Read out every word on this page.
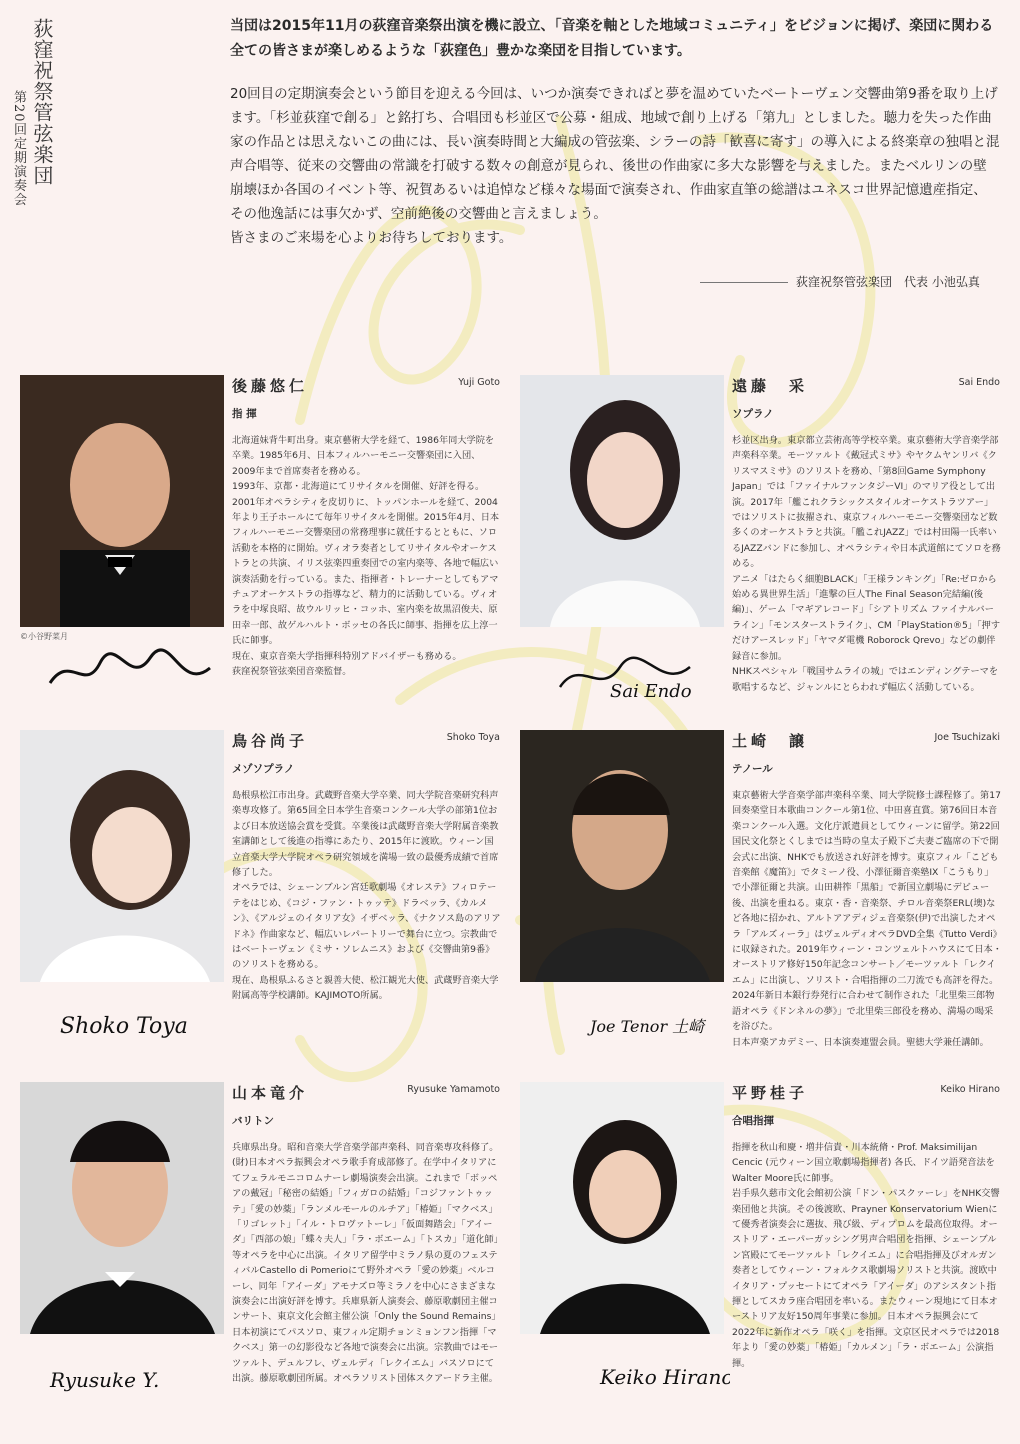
荻窪祝祭管弦楽団
第20回定期演奏会

当団は2015年11月の荻窪音楽祭出演を機に設立、「音楽を軸とした地域コミュニティ」をビジョンに掲げ、楽団に関わる全ての皆さまが楽しめるような「荻窪色」豊かな楽団を目指しています。

20回目の定期演奏会という節目を迎える今回は、いつか演奏できればと夢を温めていたベートーヴェン交響曲第9番を取り上げます。「杉並荻窪で創る」と銘打ち、合唱団も杉並区で公募・組成、地域で創り上げる「第九」としました。聴力を失った作曲家の作品とは思えないこの曲には、長い演奏時間と大編成の管弦楽、シラーの詩「歓喜に寄す」の導入による終楽章の独唱と混声合唱等、従来の交響曲の常識を打破する数々の創意が見られ、後世の作曲家に多大な影響を与えました。またベルリンの壁崩壊ほか各国のイベント等、祝賀あるいは追悼など様々な場面で演奏され、作曲家直筆の総譜はユネスコ世界記憶遺産指定、その他逸話には事欠かず、空前絶後の交響曲と言えましょう。

皆さまのご来場を心よりお待ちしております。

荻窪祝祭管弦楽団　代表 小池弘真
©小谷野菜月
後藤悠仁	Yuji Goto
指 揮

北海道妹背牛町出身。東京藝術大学を経て、1986年同大学院を卒業。1985年6月、日本フィルハーモニー交響楽団に入団、2009年まで首席奏者を務める。

1993年、京都・北海道にてリサイタルを開催、好評を得る。2001年オペラシティを皮切りに、トッパンホールを経て、2004年より王子ホールにて毎年リサイタルを開催。2015年4月、日本フィルハーモニー交響楽団の常務理事に就任するとともに、ソロ活動を本格的に開始。ヴィオラ奏者としてリサイタルやオーケストラとの共演、イリス弦楽四重奏団での室内楽等、各地で幅広い演奏活動を行っている。また、指揮者・トレーナーとしてもアマチュアオーケストラの指導など、精力的に活動している。ヴィオラを中塚良昭、故ウルリッヒ・コッホ、室内楽を故黒沼俊夫、原田幸一郎、故ゲルハルト・ボッセの各氏に師事、指揮を広上淳一氏に師事。

現在、東京音楽大学指揮科特別アドバイザーも務める。

荻窪祝祭管弦楽団音楽監督。

Sai Endo
遠藤　采	Sai Endo
ソプラノ

杉並区出身。東京都立芸術高等学校卒業。東京藝術大学音楽学部声楽科卒業。モーツァルト《戴冠式ミサ》やヤクムヤンリバ《クリスマスミサ》のソリストを務め、「第8回Game Symphony Japan」では「ファイナルファンタジーVI」のマリア役として出演。2017年「艦これクラシックスタイルオーケストラツアー」ではソリストに抜擢され、東京フィルハーモニー交響楽団など数多くのオーケストラと共演。「艦これJAZZ」では村田陽一氏率いるJAZZバンドに参加し、オペラシティや日本武道館にてソロを務める。

アニメ「はたらく細胞BLACK」「王様ランキング」「Re:ゼロから始める異世界生活」「進撃の巨人The Final Season完結編(後編)」、ゲーム「マギアレコード」「シアトリズム ファイナルバーライン」「モンスターストライク」、CM「PlayStation®5」「押すだけアースレッド」「ヤマダ電機 Roborock Qrevo」などの劇伴録音に参加。

NHKスペシャル「戦国サムライの城」ではエンディングテーマを歌唱するなど、ジャンルにとらわれず幅広く活動している。

Shoko Toya
鳥谷尚子	Shoko Toya
メゾソプラノ

島根県松江市出身。武蔵野音楽大学卒業、同大学院音楽研究科声楽専攻修了。第65回全日本学生音楽コンクール大学の部第1位および日本放送協会賞を受賞。卒業後は武蔵野音楽大学附属音楽教室講師として後進の指導にあたり、2015年に渡欧。ウィーン国立音楽大学大学院オペラ研究領域を満場一致の最優秀成績で首席修了した。

オペラでは、シェーンブルン宮廷歌劇場《オレステ》フィロテーテをはじめ、《コジ・ファン・トゥッテ》ドラベッラ、《カルメン》、《アルジェのイタリア女》イザベッラ、《ナクソス島のアリアドネ》作曲家など、幅広いレパートリーで舞台に立つ。宗教曲ではベートーヴェン《ミサ・ソレムニス》および《交響曲第9番》のソリストを務める。

現在、島根県ふるさと親善大使、松江観光大使、武蔵野音楽大学附属高等学校講師。KAJIMOTO所属。

Joe Tenor 土崎
土崎　譲	Joe Tsuchizaki
テノール

東京藝術大学音楽学部声楽科卒業、同大学院修士課程修了。第17回奏楽堂日本歌曲コンクール第1位、中田喜直賞。第76回日本音楽コンクール入選。文化庁派遣員としてウィーンに留学。第22回国民文化祭とくしまでは当時の皇太子殿下ご夫妻ご臨席の下で開会式に出演、NHKでも放送され好評を博す。東京フィル「こども音楽館《魔笛》」でタミーノ役、小澤征爾音楽塾IX「こうもり」で小澤征爾と共演。山田耕筰「黒船」で新国立劇場にデビュー後、出演を重ねる。東京・香・音楽祭、チロル音楽祭ERL(墺)など各地に招かれ、アルトアアディジェ音楽祭(伊)で出演したオペラ「アルズィーラ」はヴェルディオペラDVD全集《Tutto Verdi》に収録された。2019年ウィーン・コンツェルトハウスにて日本・オーストリア修好150年記念コンサート／モーツァルト「レクイエム」に出演し、ソリスト・合唱指揮の二刀流でも高評を得た。2024年新日本銀行券発行に合わせて制作された「北里柴三郎物語オペラ《ドンネルの夢》」で北里柴三郎役を務め、満場の喝采を浴びた。

日本声楽アカデミー、日本演奏連盟会員。聖徳大学兼任講師。

Ryusuke Y.
山本竜介	Ryusuke Yamamoto
バリトン

兵庫県出身。昭和音楽大学音楽学部声楽科、同音楽専攻科修了。(財)日本オペラ振興会オペラ歌手育成部修了。在学中イタリアにてフェラルモニコロムナーレ劇場演奏会出演。これまで「ボッペアの戴冠」「秘密の結婚」「フィガロの結婚」「コジファントゥッテ」「愛の妙薬」「ランメルモールのルチア」「椿姫」「マクベス」「リゴレット」「イル・トロヴァトーレ」「仮面舞踏会」「アイーダ」「西部の娘」「蝶々夫人」「ラ・ボエーム」「トスカ」「道化師」等オペラを中心に出演。イタリア留学中ミラノ県の夏のフェスティバルCastello di Pomerioにて野外オペラ「愛の妙薬」ベルコーレ、同年「アイーダ」アモナズロ等ミラノを中心にさまざまな演奏会に出演好評を博す。兵庫県新人演奏会、藤原歌劇団主催コンサート、東京文化会館主催公演「Only the Sound Remains」日本初演にてパスソロ、東フィル定期チョンミョンフン指揮「マクベス」第一の幻影役など各地で演奏会に出演。宗教曲ではモーツァルト、デュルフレ、ヴェルディ「レクイエム」バスソロにて出演。藤原歌劇団所属。オペラソリスト団体スクアードラ主催。	Keiko Hirano
平野桂子	Keiko Hirano
合唱指揮

指揮を秋山和慶・増井信貴・川本統脩・Prof. Maksimilijan Cencic (元ウィーン国立歌劇場指揮者) 各氏、ドイツ語発音法をWalter Moore氏に師事。

岩手県久慈市文化会館初公演「ドン・パスクァーレ」をNHK交響楽団他と共演。その後渡欧、Prayner Konservatorium Wienにて優秀者演奏会に選抜、飛び級、ディプロムを最高位取得。オーストリア・エーパーガッシング男声合唱団を指揮、シェーンブルン宮殿にてモーツァルト「レクイエム」に合唱指揮及びオルガン奏者としてウィーン・フォルクス歌劇場ソリストと共演。渡欧中イタリア・プッセートにてオペラ「アイーダ」のアシスタント指揮としてスカラ座合唱団を率いる。またウィーン現地にて日本オーストリア友好150周年事業に参加。日本オペラ振興会にて2022年に新作オペラ「咲く」を指揮。文京区民オペラでは2018年より「愛の妙薬」「椿姫」「カルメン」「ラ・ボエーム」公演指揮。
